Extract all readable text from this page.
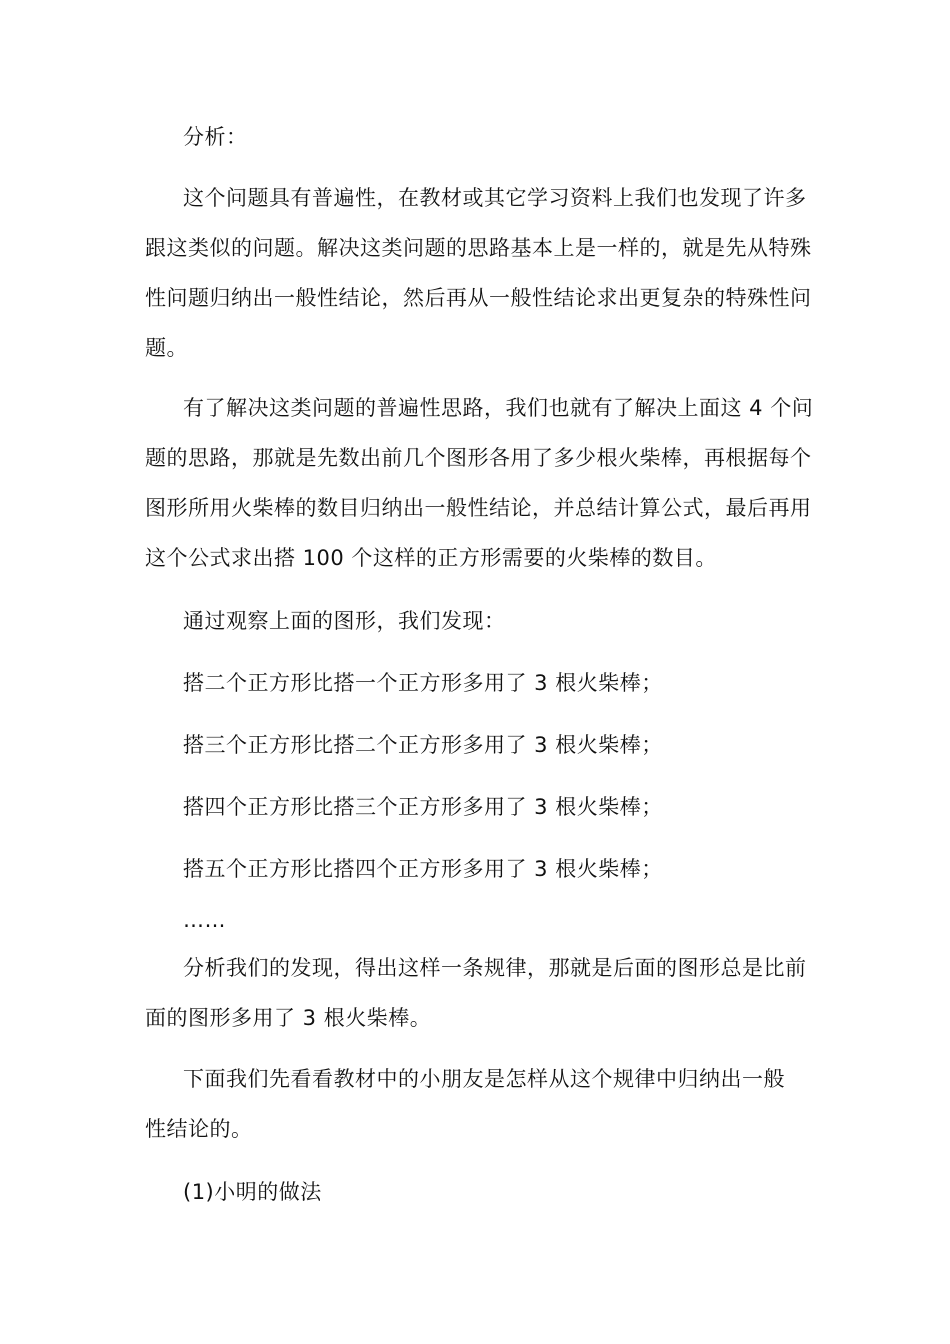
分析：
这个问题具有普遍性，在教材或其它学习资料上我们也发现了许多
跟这类似的问题。解决这类问题的思路基本上是一样的，就是先从特殊
性问题归纳出一般性结论，然后再从一般性结论求出更复杂的特殊性问
题。
有了解决这类问题的普遍性思路，我们也就有了解决上面这 4 个问
题的思路，那就是先数出前几个图形各用了多少根火柴棒，再根据每个
图形所用火柴棒的数目归纳出一般性结论，并总结计算公式，最后再用
这个公式求出搭 100 个这样的正方形需要的火柴棒的数目。
通过观察上面的图形，我们发现：
搭二个正方形比搭一个正方形多用了 3 根火柴棒；
搭三个正方形比搭二个正方形多用了 3 根火柴棒；
搭四个正方形比搭三个正方形多用了 3 根火柴棒；
搭五个正方形比搭四个正方形多用了 3 根火柴棒；
……
分析我们的发现，得出这样一条规律，那就是后面的图形总是比前
面的图形多用了 3 根火柴棒。
下面我们先看看教材中的小朋友是怎样从这个规律中归纳出一般
性结论的。
(1)小明的做法
